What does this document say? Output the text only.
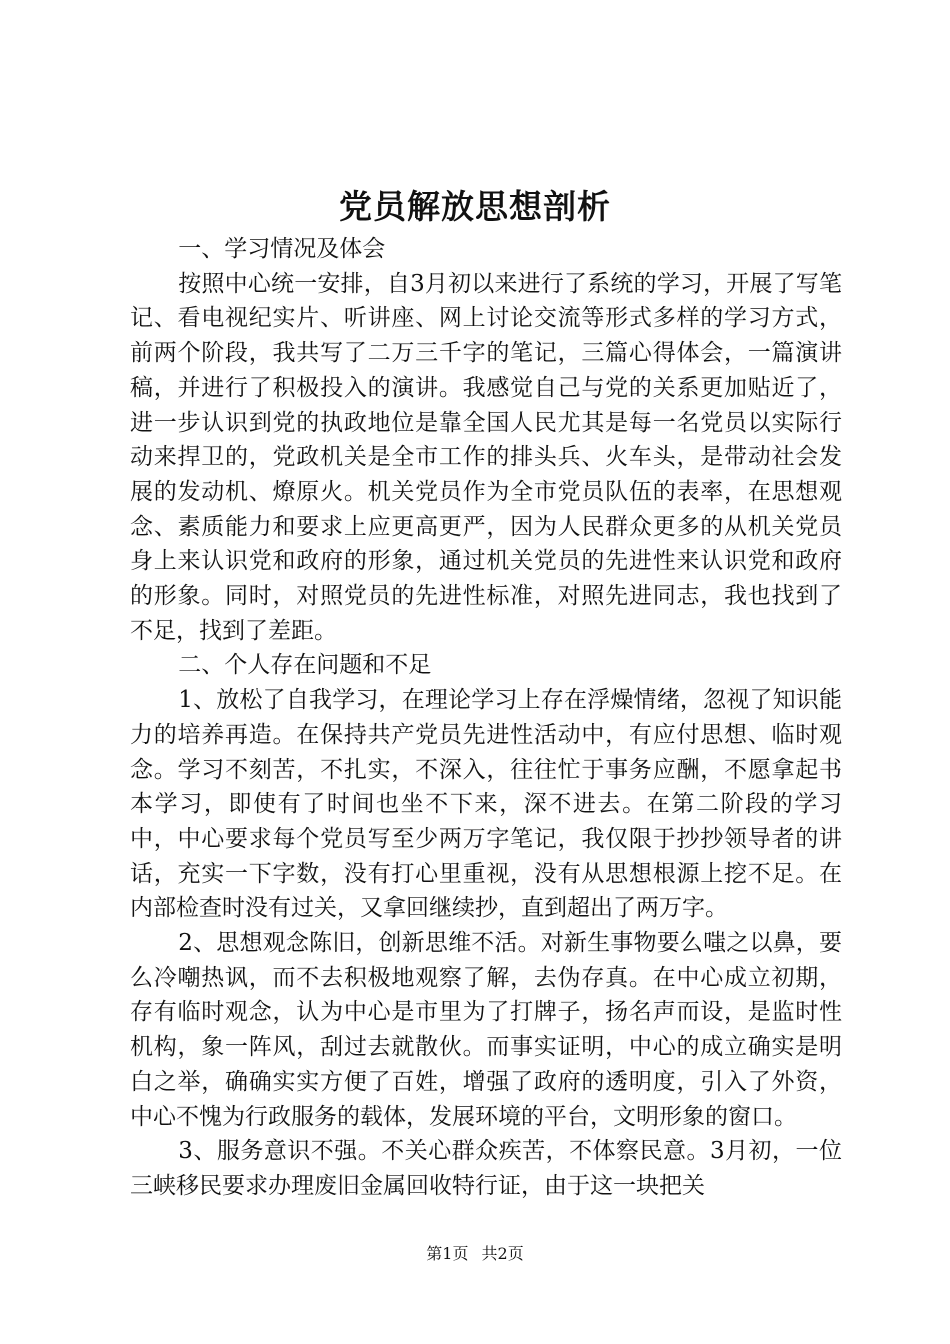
党员解放思想剖析

一、学习情况及体会

按照中心统一安排，自3月初以来进行了系统的学习，开展了写笔记、看电视纪实片、听讲座、网上讨论交流等形式多样的学习方式，前两个阶段，我共写了二万三千字的笔记，三篇心得体会，一篇演讲稿，并进行了积极投入的演讲。我感觉自己与党的关系更加贴近了，进一步认识到党的执政地位是靠全国人民尤其是每一名党员以实际行动来捍卫的，党政机关是全市工作的排头兵、火车头，是带动社会发展的发动机、燎原火。机关党员作为全市党员队伍的表率，在思想观念、素质能力和要求上应更高更严，因为人民群众更多的从机关党员身上来认识党和政府的形象，通过机关党员的先进性来认识党和政府的形象。同时，对照党员的先进性标准，对照先进同志，我也找到了不足，找到了差距。

二、个人存在问题和不足

1、放松了自我学习，在理论学习上存在浮燥情绪，忽视了知识能力的培养再造。在保持共产党员先进性活动中，有应付思想、临时观念。学习不刻苦，不扎实，不深入，往往忙于事务应酬，不愿拿起书本学习，即使有了时间也坐不下来，深不进去。在第二阶段的学习中，中心要求每个党员写至少两万字笔记，我仅限于抄抄领导者的讲话，充实一下字数，没有打心里重视，没有从思想根源上挖不足。在内部检查时没有过关，又拿回继续抄，直到超出了两万字。

2、思想观念陈旧，创新思维不活。对新生事物要么嗤之以鼻，要么冷嘲热讽，而不去积极地观察了解，去伪存真。在中心成立初期，存有临时观念，认为中心是市里为了打牌子，扬名声而设，是监时性机构，象一阵风，刮过去就散伙。而事实证明，中心的成立确实是明白之举，确确实实方便了百姓，增强了政府的透明度，引入了外资，中心不愧为行政服务的载体，发展环境的平台，文明形象的窗口。

3、服务意识不强。不关心群众疾苦，不体察民意。3月初，一位三峡移民要求办理废旧金属回收特行证，由于这一块把关

第1页 共2页
